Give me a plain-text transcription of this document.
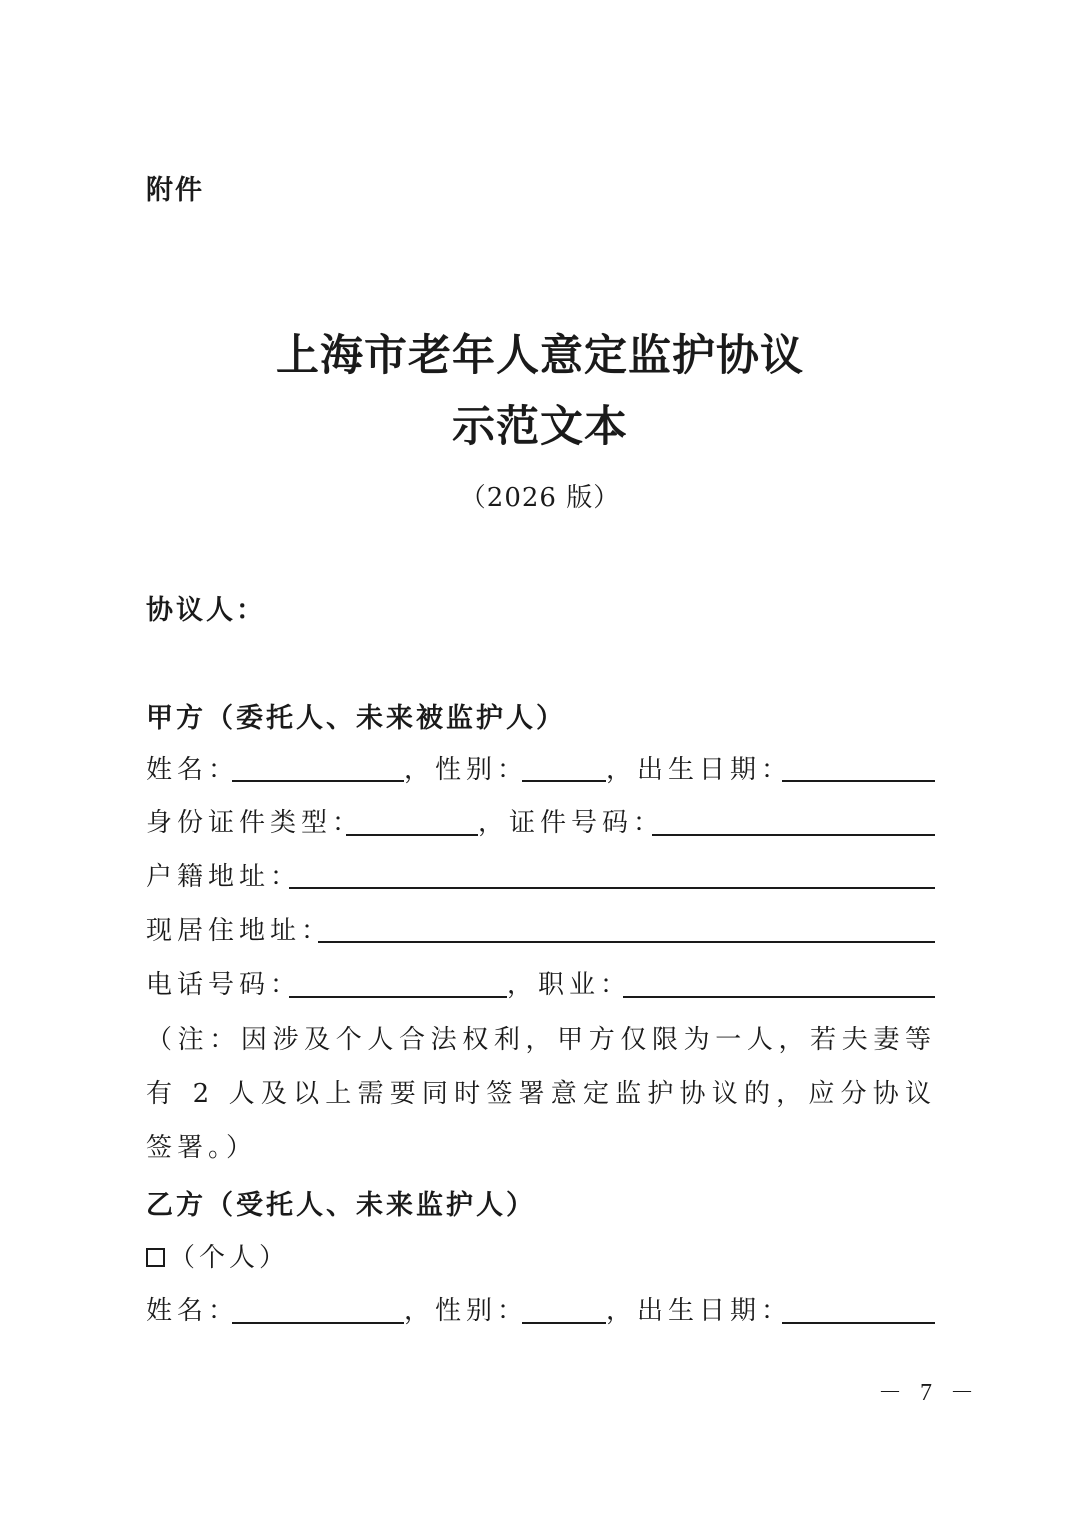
附件
上海市老年人意定监护协议
示范文本
（2026 版）
协议人：
甲方（委托人、未来被监护人）
姓名：	，性别：	，出生日期：
身份证件类型：	，证件号码：
户籍地址：
现居住地址：
电话号码：	，职业：
（注：因涉及个人合法权利，甲方仅限为一人，若夫妻等有 2 人及以上需要同时签署意定监护协议的，应分协议签署。）
乙方（受托人、未来监护人）
（个人）
姓名：	，性别：	，出生日期：
－ 7 －
